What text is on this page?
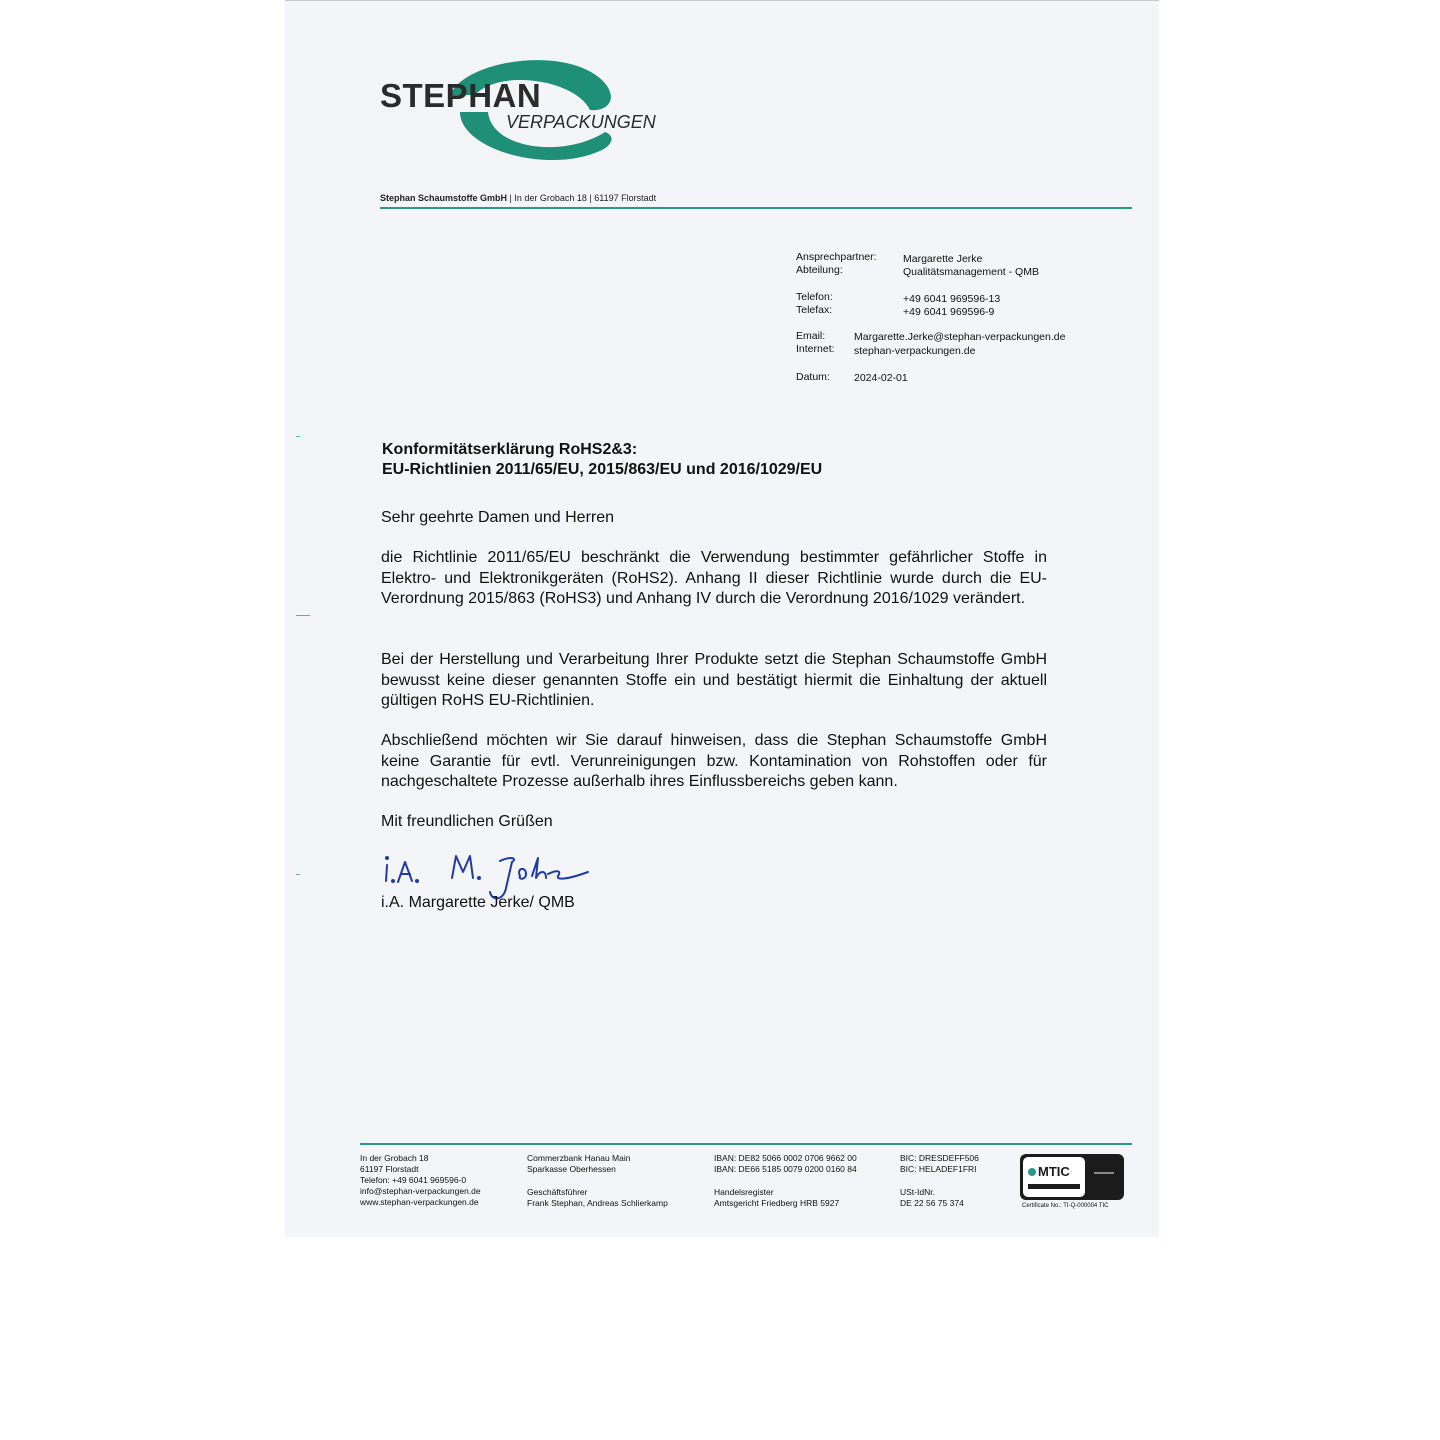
STEPHAN
VERPACKUNGEN
Stephan Schaumstoffe GmbH | In der Grobach 18 | 61197 Florstadt
Ansprechpartner:	Margarette Jerke
Abteilung:	Qualitätsmanagement - QMB
Telefon:	+49 6041 969596-13
Telefax:	+49 6041 969596-9
Email:	Margarette.Jerke@stephan-verpackungen.de
Internet: stephan-verpackungen.de
Datum: 2024-02-01
Konformitätserklärung RoHS2&3:
EU-Richtlinien 2011/65/EU, 2015/863/EU und 2016/1029/EU
Sehr geehrte Damen und Herren
die Richtlinie 2011/65/EU beschränkt die Verwendung bestimmter gefährlicher Stoffe in Elektro- und Elektronikgeräten (RoHS2). Anhang II dieser Richtlinie wurde durch die EU-Verordnung 2015/863 (RoHS3) und Anhang IV durch die Verordnung 2016/1029 verändert.
Bei der Herstellung und Verarbeitung Ihrer Produkte setzt die Stephan Schaumstoffe GmbH bewusst keine dieser genannten Stoffe ein und bestätigt hiermit die Einhaltung der aktuell gültigen RoHS EU-Richtlinien.
Abschließend möchten wir Sie darauf hinweisen, dass die Stephan Schaumstoffe GmbH keine Garantie für evtl. Verunreinigungen bzw. Kontamination von Rohstoffen oder für nachgeschaltete Prozesse außerhalb ihres Einflussbereichs geben kann.
Mit freundlichen Grüßen
i.A. Margarette Jerke/ QMB
In der Grobach 18
61197 Florstadt
Telefon: +49 6041 969596-0
info@stephan-verpackungen.de
www.stephan-verpackungen.de
Commerzbank Hanau Main
Sparkasse Oberhessen
Geschäftsführer
Frank Stephan, Andreas Schlierkamp
IBAN: DE82 5066 0002 0706 9662 00
IBAN: DE66 5185 0079 0200 0160 84
Handelsregister
Amtsgericht Friedberg HRB 5927
BIC: DRESDEFF506
BIC: HELADEF1FRI
USt-IdNr.
DE 22 56 75 374
MTIC
Certificate No.: TI-Q-000004 TIC
